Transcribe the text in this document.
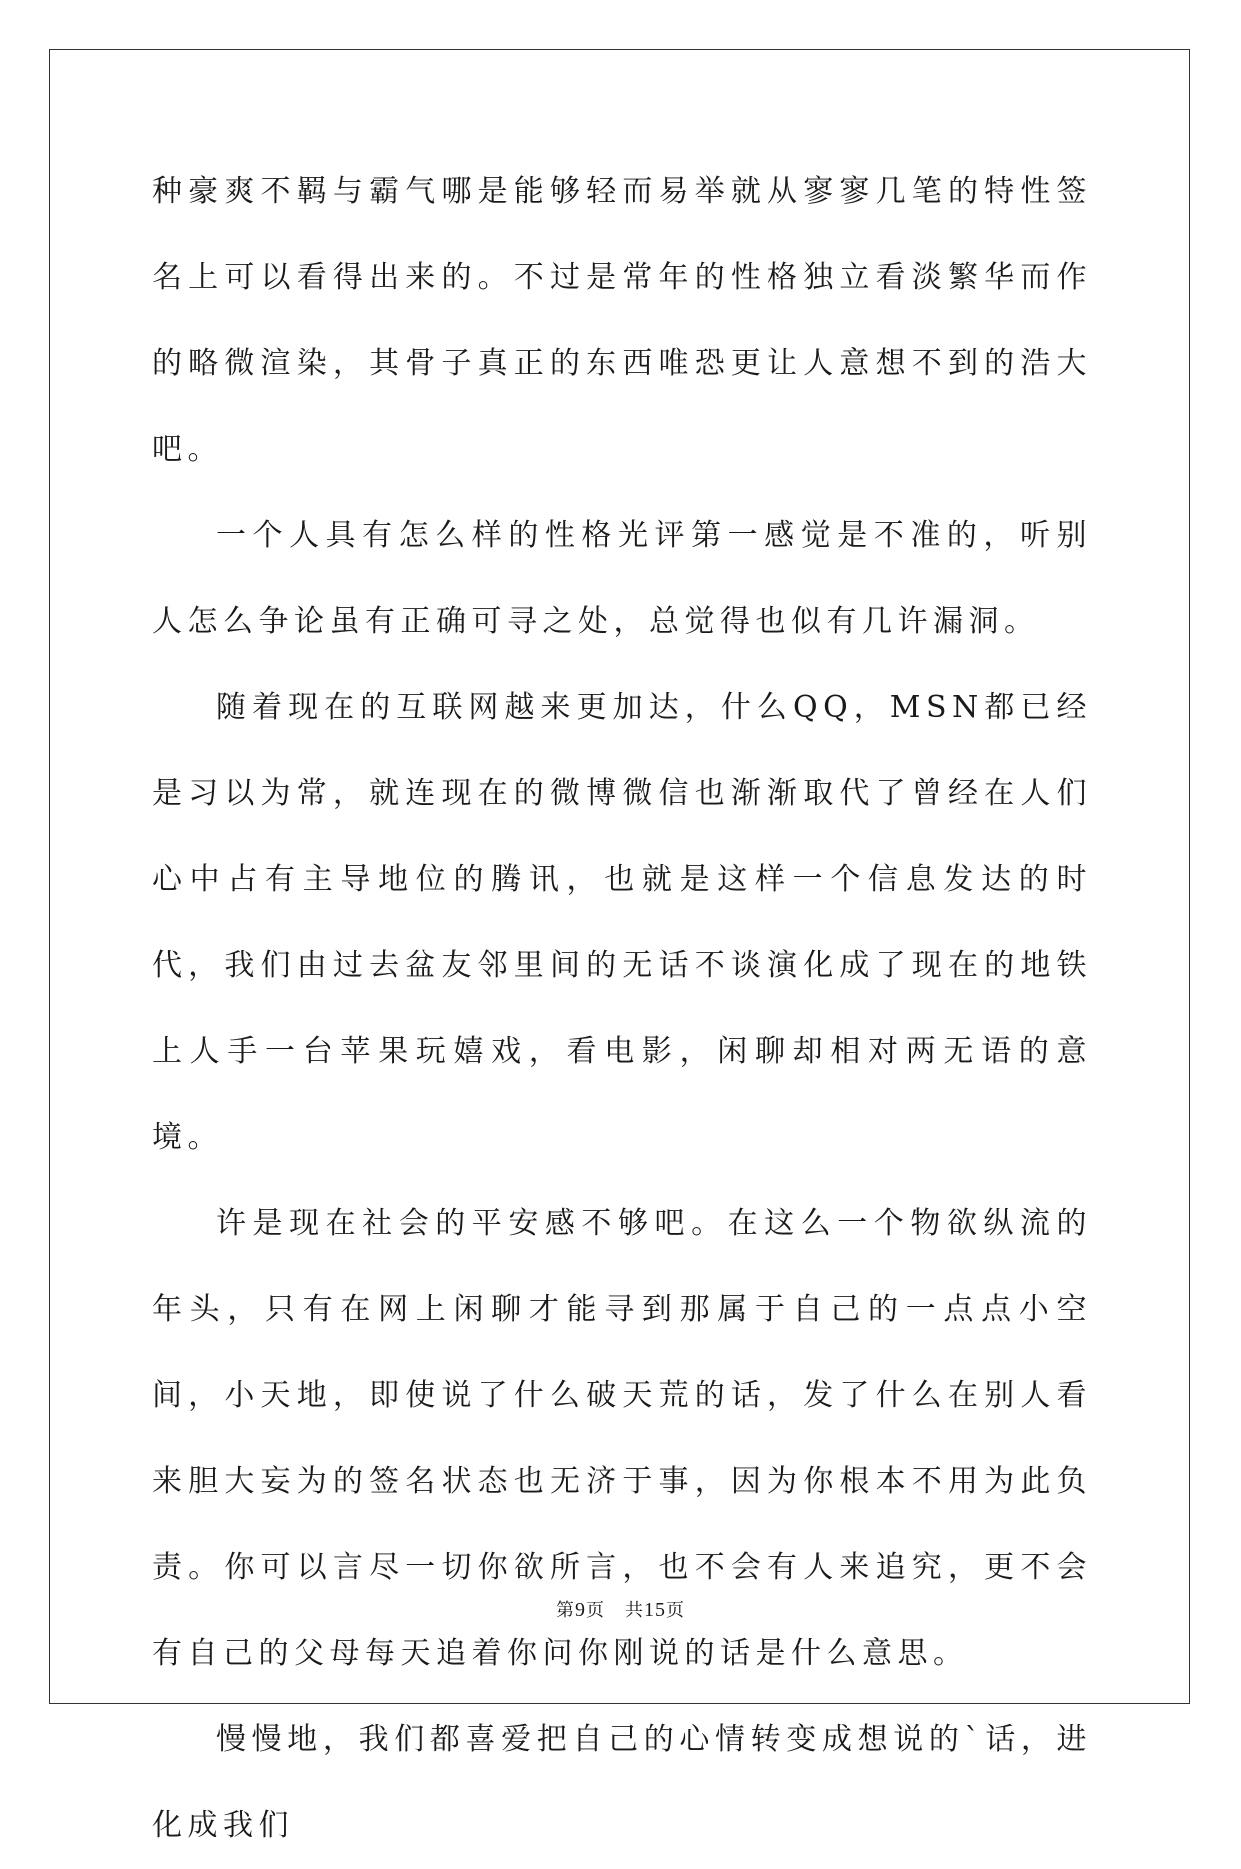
种豪爽不羁与霸气哪是能够轻而易举就从寥寥几笔的特性签名上可以看得出来的。不过是常年的性格独立看淡繁华而作的略微渲染，其骨子真正的东西唯恐更让人意想不到的浩大吧。

一个人具有怎么样的性格光评第一感觉是不准的，听别人怎么争论虽有正确可寻之处，总觉得也似有几许漏洞。

随着现在的互联网越来更加达，什么QQ，MSN都已经是习以为常，就连现在的微博微信也渐渐取代了曾经在人们心中占有主导地位的腾讯，也就是这样一个信息发达的时代，我们由过去盆友邻里间的无话不谈演化成了现在的地铁上人手一台苹果玩嬉戏，看电影，闲聊却相对两无语的意境。

许是现在社会的平安感不够吧。在这么一个物欲纵流的年头，只有在网上闲聊才能寻到那属于自己的一点点小空间，小天地，即使说了什么破天荒的话，发了什么在别人看来胆大妄为的签名状态也无济于事，因为你根本不用为此负责。你可以言尽一切你欲所言，也不会有人来追究，更不会有自己的父母每天追着你问你刚说的话是什么意思。

慢慢地，我们都喜爱把自己的心情转变成想说的`话，进化成我们

第9页 共15页
